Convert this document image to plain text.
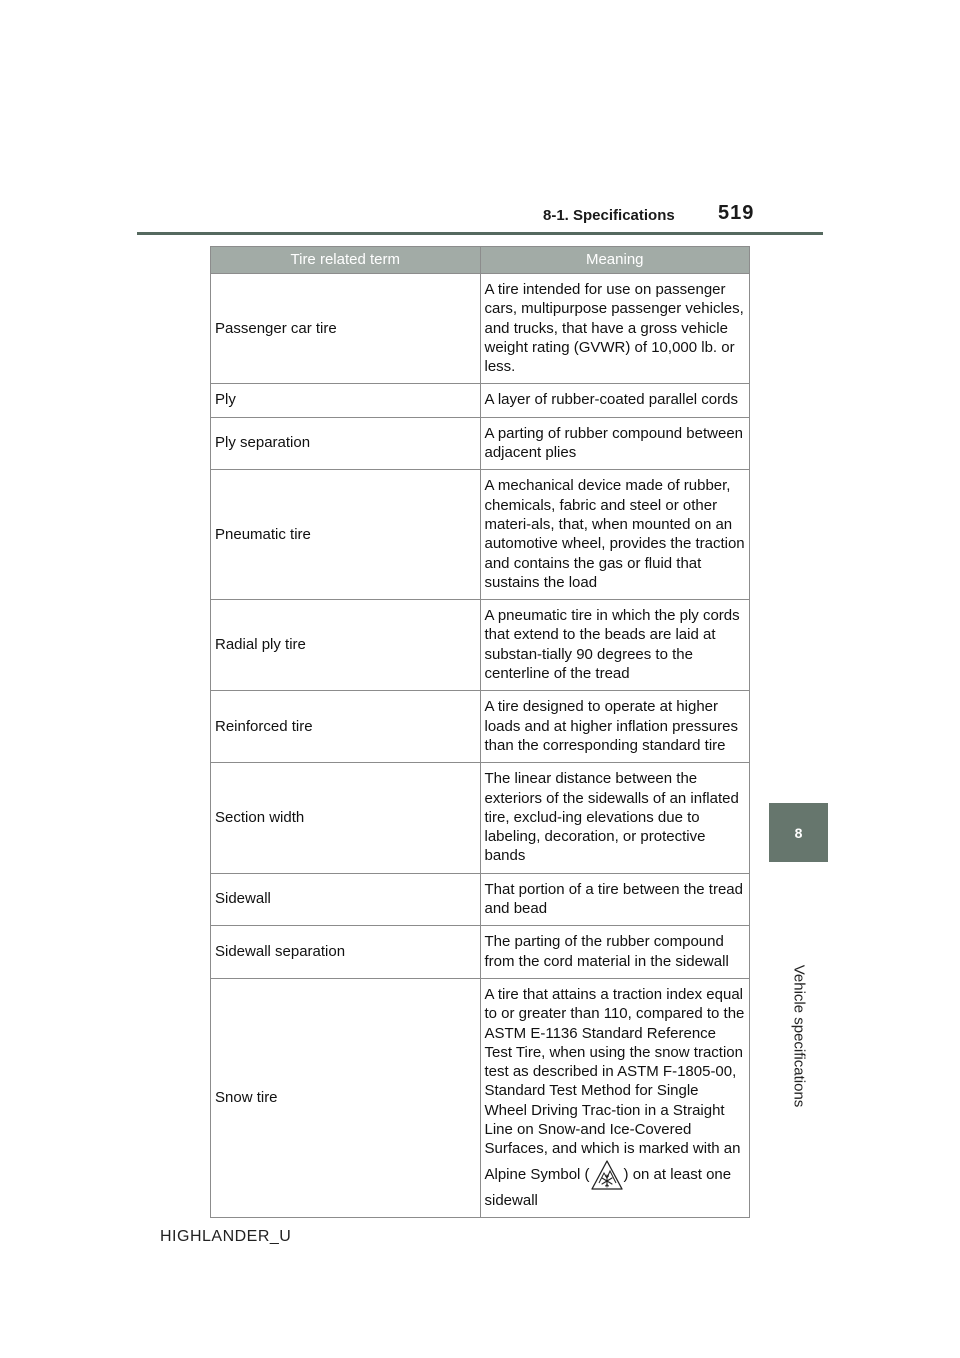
8-1. Specifications 519
8
Vehicle specifications
Tire related term	Meaning
Passenger car tire	A tire intended for use on passenger cars, multipurpose passenger vehicles, and trucks, that have a gross vehicle weight rating (GVWR) of 10,000 lb. or less.
Ply	A layer of rubber-coated parallel cords
Ply separation	A parting of rubber compound between adjacent plies
Pneumatic tire	A mechanical device made of rubber, chemicals, fabric and steel or other materi-als, that, when mounted on an automotive wheel, provides the traction and contains the gas or fluid that sustains the load
Radial ply tire	A pneumatic tire in which the ply cords that extend to the beads are laid at substan-tially 90 degrees to the centerline of the tread
Reinforced tire	A tire designed to operate at higher loads and at higher inflation pressures than the corresponding standard tire
Section width	The linear distance between the exteriors of the sidewalls of an inflated tire, exclud-ing elevations due to labeling, decoration, or protective bands
Sidewall	That portion of a tire between the tread and bead
Sidewall separation	The parting of the rubber compound from the cord material in the sidewall
Snow tire	A tire that attains a traction index equal to or greater than 110, compared to the ASTM E-1136 Standard Reference Test Tire, when using the snow traction test as described in ASTM F-1805-00, Standard Test Method for Single Wheel Driving Trac-tion in a Straight Line on Snow-and Ice-Covered Surfaces, and which is marked with an Alpine Symbol ( ) on at least one sidewall
HIGHLANDER_U
